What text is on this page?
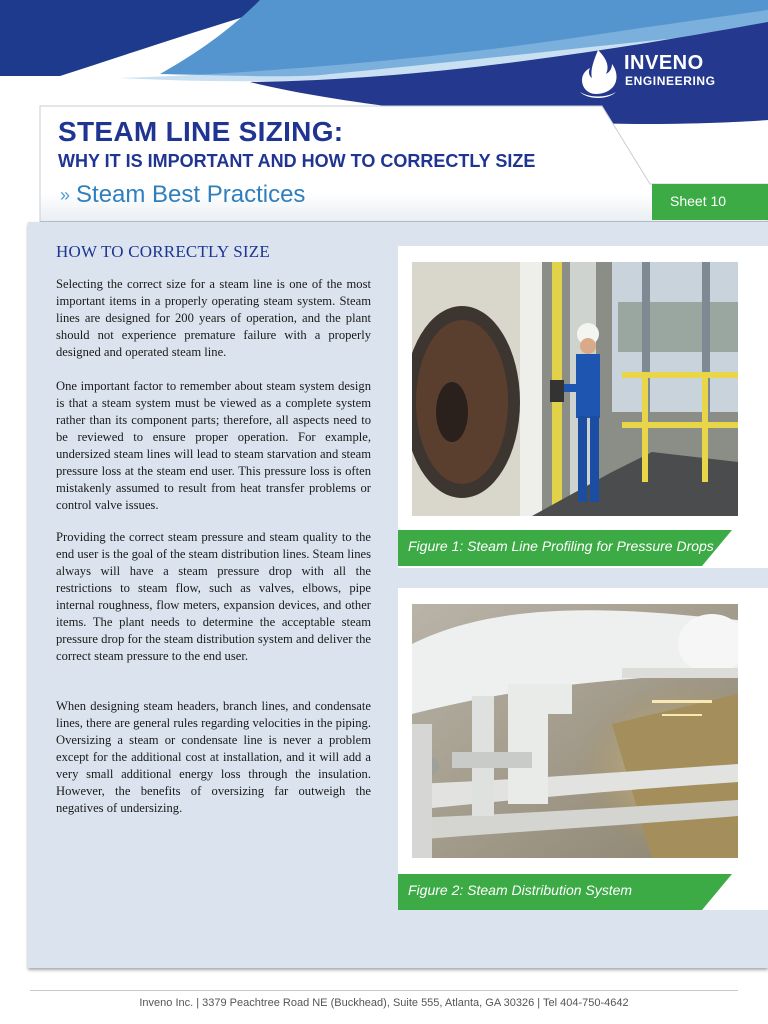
INVENO
ENGINEERING
STEAM LINE SIZING:
WHY IT IS IMPORTANT AND HOW TO CORRECTLY SIZE
» Steam Best Practices	Sheet 10
HOW TO CORRECTLY SIZE

Selecting the correct size for a steam line is one of the most important items in a properly operating steam system. Steam lines are designed for 200 years of operation, and the plant should not experience premature failure with a properly designed and operated steam line.

One important factor to remember about steam system design is that a steam system must be viewed as a complete system rather than its component parts; therefore, all aspects need to be reviewed to ensure proper operation. For example, undersized steam lines will lead to steam starvation and steam pressure loss at the steam end user. This pressure loss is often mistakenly assumed to result from heat transfer problems or control valve issues.

Providing the correct steam pressure and steam quality to the end user is the goal of the steam distribution lines. Steam lines always will have a steam pressure drop with all the restrictions to steam flow, such as valves, elbows, pipe internal roughness, flow meters, expansion devices, and other items. The plant needs to determine the acceptable steam pressure drop for the steam distribution system and deliver the correct steam pressure to the end user.

When designing steam headers, branch lines, and condensate lines, there are general rules regarding velocities in the piping. Oversizing a steam or condensate line is never a problem except for the additional cost at installation, and it will add a very small additional energy loss through the insulation. However, the benefits of oversizing far outweigh the negatives of undersizing.

Figure 1: Steam Line Profiling for Pressure Drops
Figure 2: Steam Distribution System
Inveno Inc. | 3379 Peachtree Road NE (Buckhead), Suite 555, Atlanta, GA 30326 | Tel 404-750-4642
